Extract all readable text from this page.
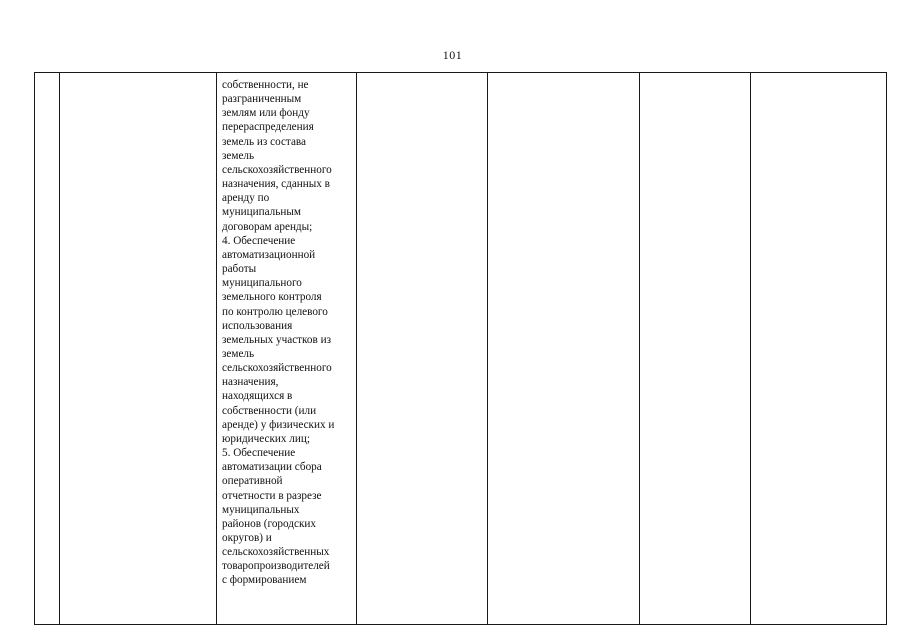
101

собственности, не
разграниченным
землям или фонду
перераспределения
земель из состава
земель
сельскохозяйственного
назначения, сданных в
аренду по
муниципальным
договорам аренды;
4. Обеспечение
автоматизационной
работы
муниципального
земельного контроля
по контролю целевого
использования
земельных участков из
земель
сельскохозяйственного
назначения,
находящихся в
собственности (или
аренде) у физических и
юридических лиц;
5. Обеспечение
автоматизации сбора
оперативной
отчетности в разрезе
муниципальных
районов (городских
округов) и
сельскохозяйственных
товаропроизводителей
с формированием
